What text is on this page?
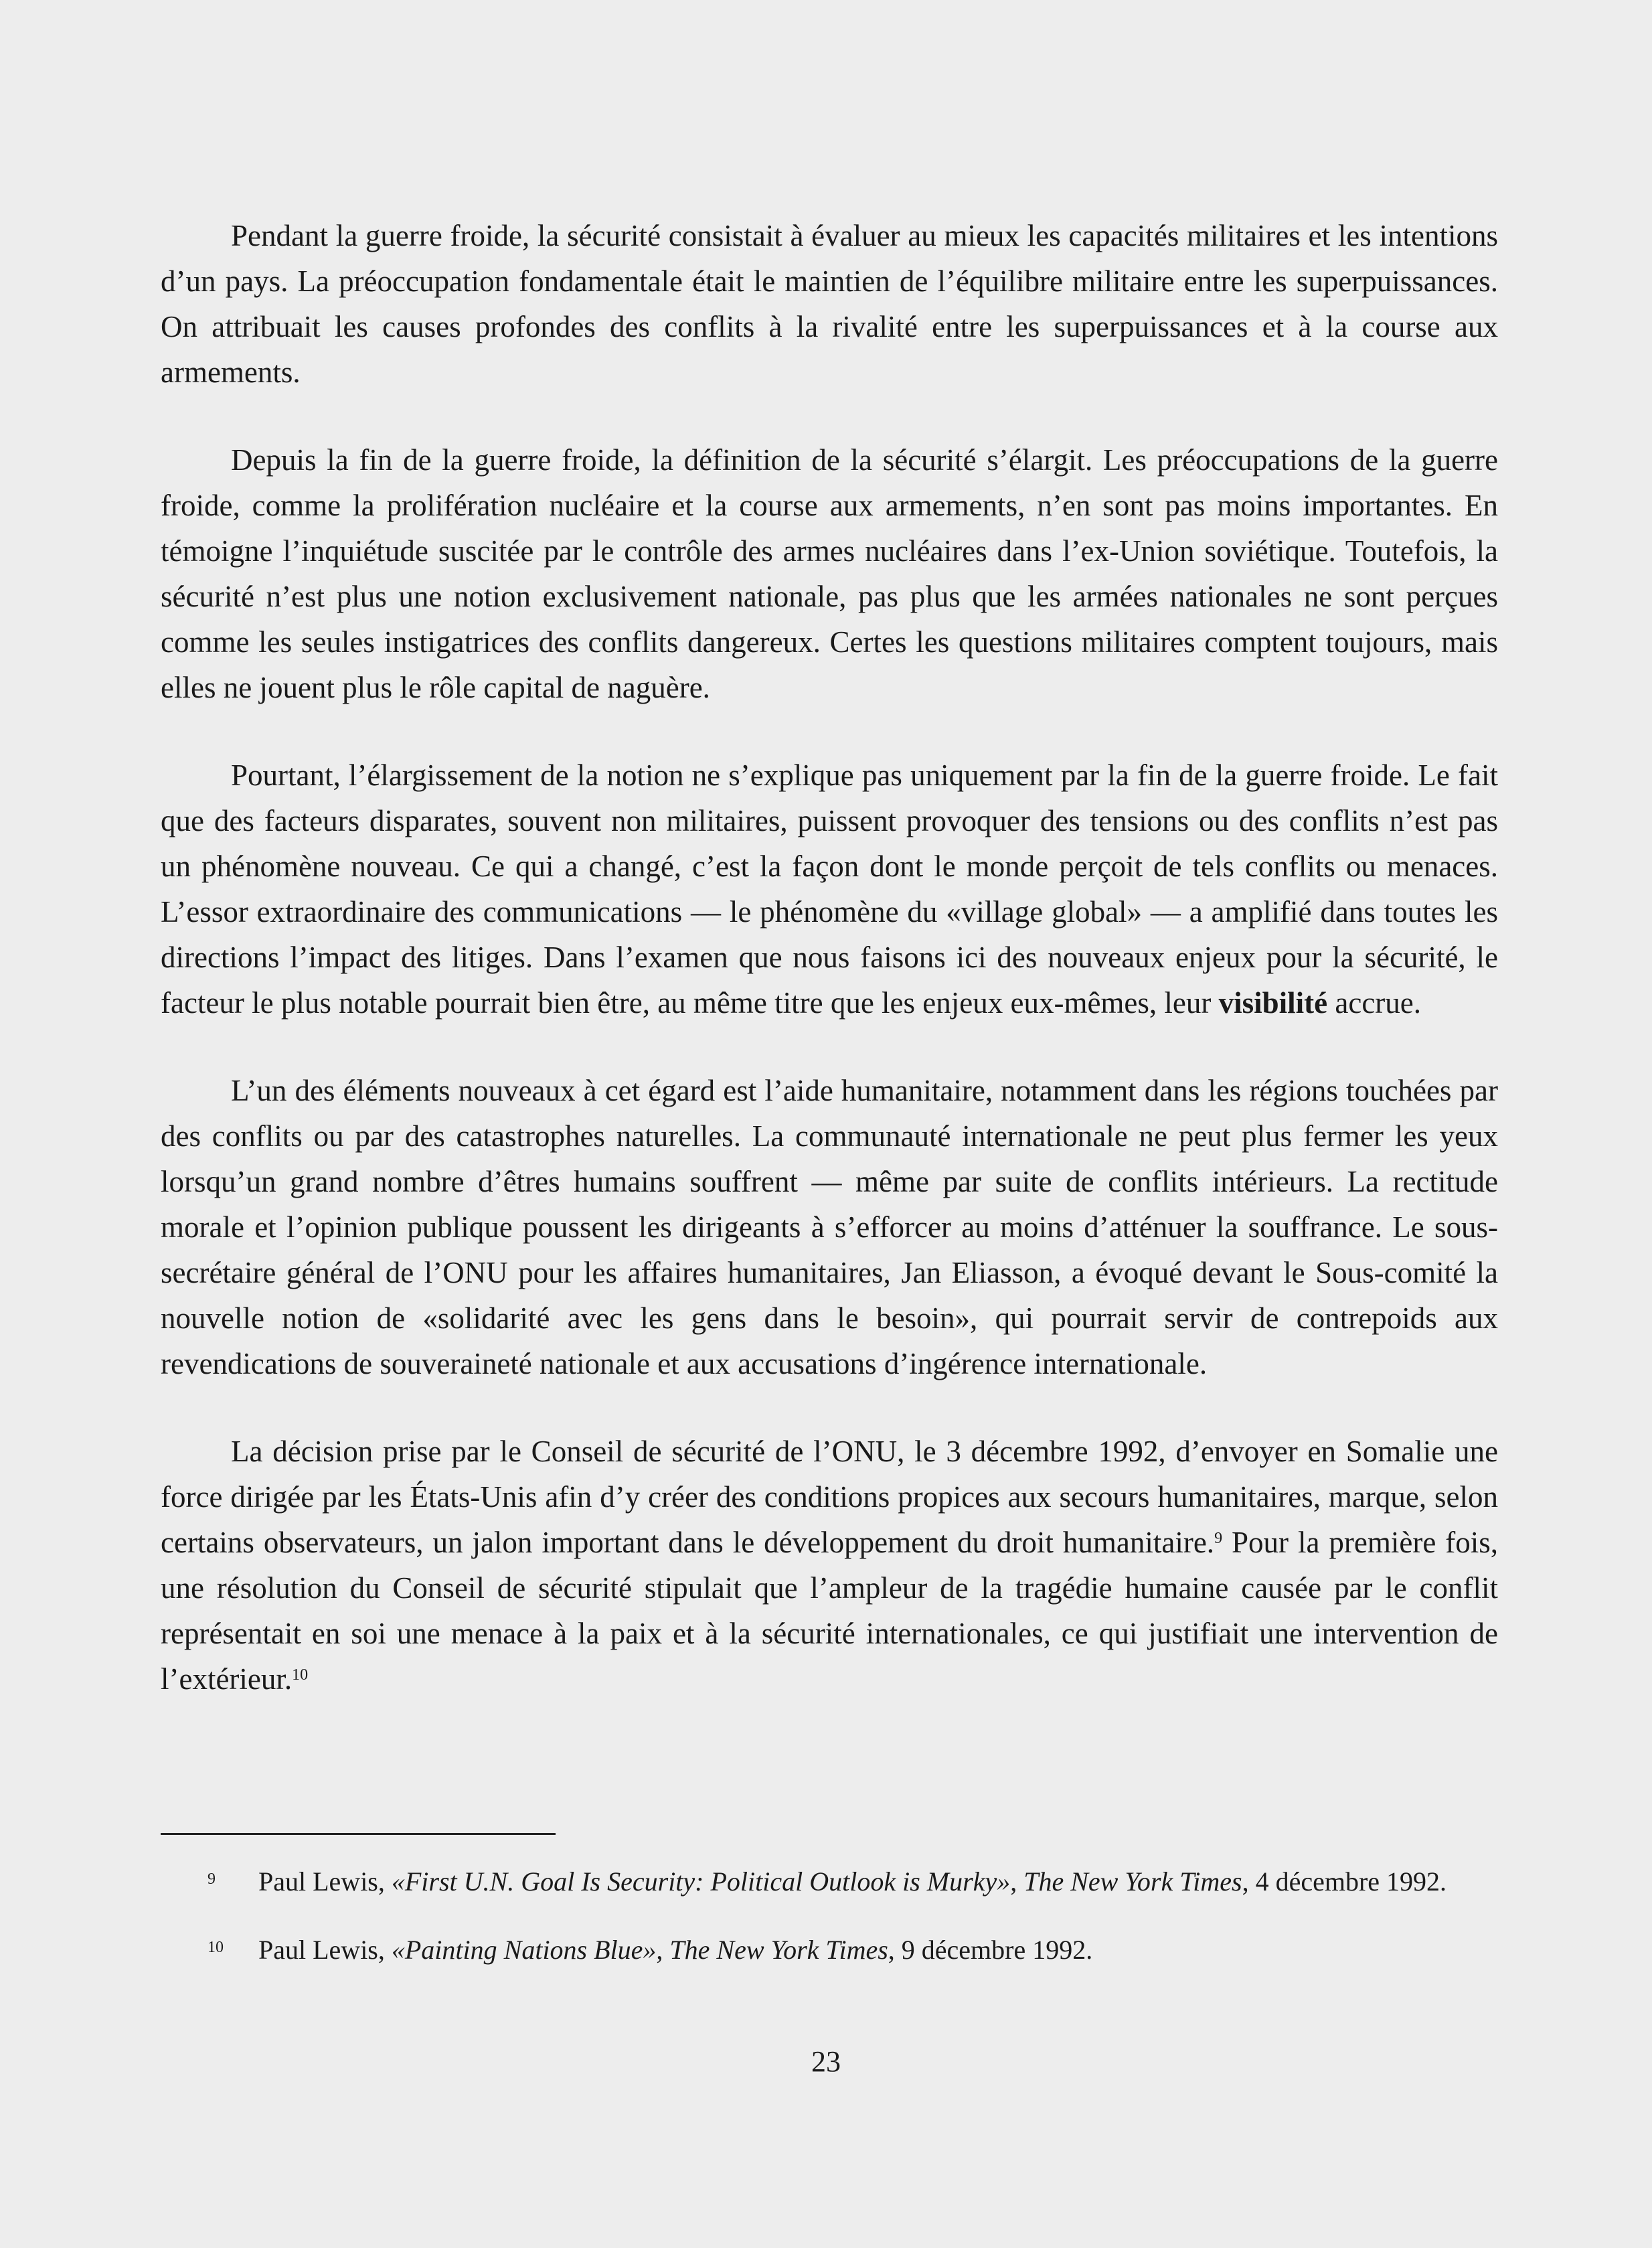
Pendant la guerre froide, la sécurité consistait à évaluer au mieux les capacités militaires et les intentions d’un pays. La préoccupation fondamentale était le maintien de l’équilibre militaire entre les superpuissances. On attribuait les causes profondes des conflits à la rivalité entre les superpuissances et à la course aux armements.

Depuis la fin de la guerre froide, la définition de la sécurité s’élargit. Les préoccupations de la guerre froide, comme la prolifération nucléaire et la course aux armements, n’en sont pas moins importantes. En témoigne l’inquiétude suscitée par le contrôle des armes nucléaires dans l’ex-Union soviétique. Toutefois, la sécurité n’est plus une notion exclusivement nationale, pas plus que les armées nationales ne sont perçues comme les seules instigatrices des conflits dangereux. Certes les questions militaires comptent toujours, mais elles ne jouent plus le rôle capital de naguère.

Pourtant, l’élargissement de la notion ne s’explique pas uniquement par la fin de la guerre froide. Le fait que des facteurs disparates, souvent non militaires, puissent provoquer des tensions ou des conflits n’est pas un phénomène nouveau. Ce qui a changé, c’est la façon dont le monde perçoit de tels conflits ou menaces. L’essor extraordinaire des communications — le phénomène du «village global» — a amplifié dans toutes les directions l’impact des litiges. Dans l’examen que nous faisons ici des nouveaux enjeux pour la sécurité, le facteur le plus notable pourrait bien être, au même titre que les enjeux eux-mêmes, leur visibilité accrue.

L’un des éléments nouveaux à cet égard est l’aide humanitaire, notamment dans les régions touchées par des conflits ou par des catastrophes naturelles. La communauté internationale ne peut plus fermer les yeux lorsqu’un grand nombre d’êtres humains souffrent — même par suite de conflits intérieurs. La rectitude morale et l’opinion publique poussent les dirigeants à s’efforcer au moins d’atténuer la souffrance. Le sous-secrétaire général de l’ONU pour les affaires humanitaires, Jan Eliasson, a évoqué devant le Sous-comité la nouvelle notion de «solidarité avec les gens dans le besoin», qui pourrait servir de contrepoids aux revendications de souveraineté nationale et aux accusations d’ingérence internationale.

La décision prise par le Conseil de sécurité de l’ONU, le 3 décembre 1992, d’envoyer en Somalie une force dirigée par les États-Unis afin d’y créer des conditions propices aux secours humanitaires, marque, selon certains observateurs, un jalon important dans le développement du droit humanitaire.$^9$ Pour la première fois, une résolution du Conseil de sécurité stipulait que l’ampleur de la tragédie humaine causée par le conflit représentait en soi une menace à la paix et à la sécurité internationales, ce qui justifiait une intervention de l’extérieur.$^{10}$

9 Paul Lewis, «First U.N. Goal Is Security: Political Outlook is Murky», The New York Times, 4 décembre 1992.

10 Paul Lewis, «Painting Nations Blue», The New York Times, 9 décembre 1992.

23
